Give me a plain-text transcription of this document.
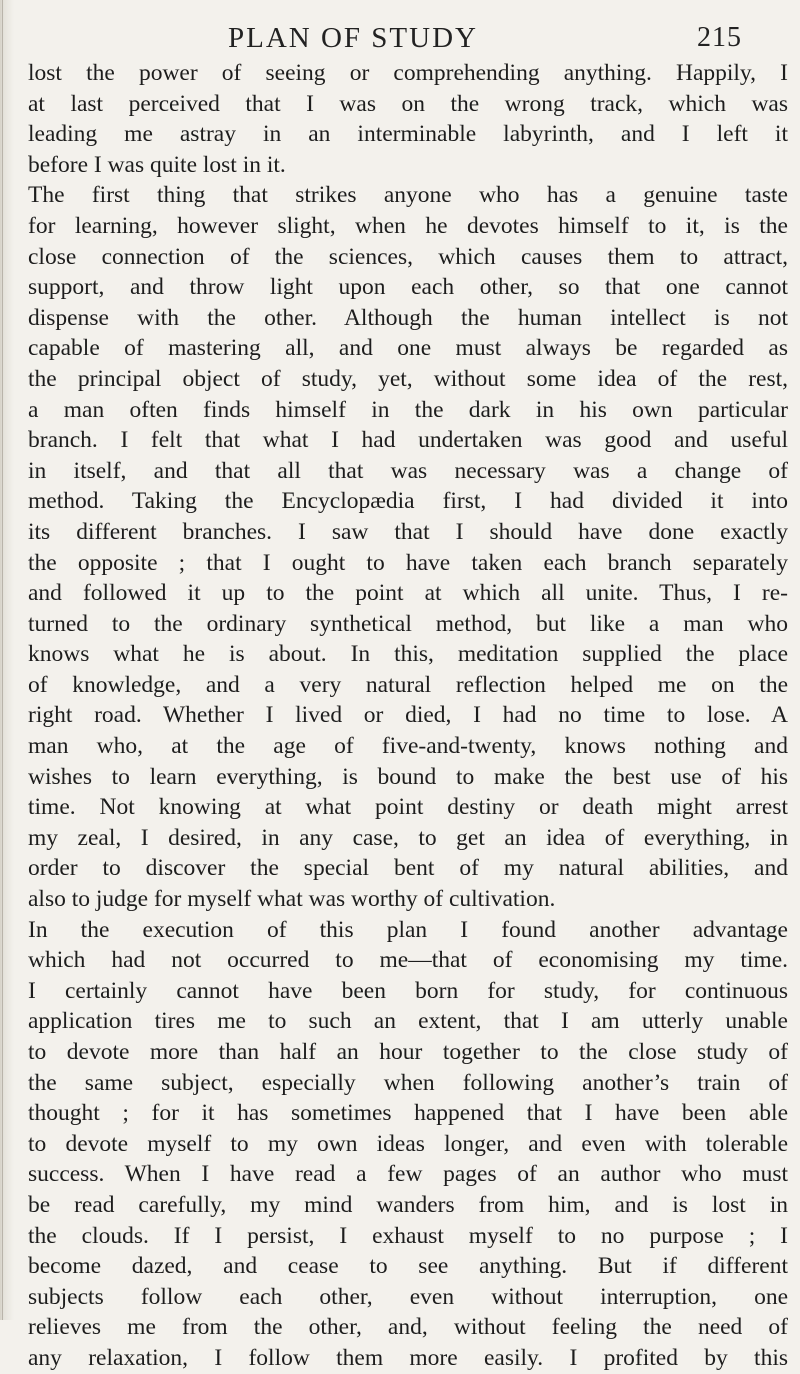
PLAN OF STUDY	215
lost the power of seeing or comprehending anything. Happily, I
at last perceived that I was on the wrong track, which was
leading me astray in an interminable labyrinth, and I left it
before I was quite lost in it.
The first thing that strikes anyone who has a genuine taste
for learning, however slight, when he devotes himself to it, is the
close connection of the sciences, which causes them to attract,
support, and throw light upon each other, so that one cannot
dispense with the other. Although the human intellect is not
capable of mastering all, and one must always be regarded as
the principal object of study, yet, without some idea of the rest,
a man often finds himself in the dark in his own particular
branch. I felt that what I had undertaken was good and useful
in itself, and that all that was necessary was a change of
method. Taking the Encyclopædia first, I had divided it into
its different branches. I saw that I should have done exactly
the opposite ; that I ought to have taken each branch separately
and followed it up to the point at which all unite. Thus, I re-
turned to the ordinary synthetical method, but like a man who
knows what he is about. In this, meditation supplied the place
of knowledge, and a very natural reflection helped me on the
right road. Whether I lived or died, I had no time to lose. A
man who, at the age of five-and-twenty, knows nothing and
wishes to learn everything, is bound to make the best use of his
time. Not knowing at what point destiny or death might arrest
my zeal, I desired, in any case, to get an idea of everything, in
order to discover the special bent of my natural abilities, and
also to judge for myself what was worthy of cultivation.
In the execution of this plan I found another advantage
which had not occurred to me—that of economising my time.
I certainly cannot have been born for study, for continuous
application tires me to such an extent, that I am utterly unable
to devote more than half an hour together to the close study of
the same subject, especially when following another’s train of
thought ; for it has sometimes happened that I have been able
to devote myself to my own ideas longer, and even with tolerable
success. When I have read a few pages of an author who must
be read carefully, my mind wanders from him, and is lost in
the clouds. If I persist, I exhaust myself to no purpose ; I
become dazed, and cease to see anything. But if different
subjects follow each other, even without interruption, one
relieves me from the other, and, without feeling the need of
any relaxation, I follow them more easily. I profited by this
